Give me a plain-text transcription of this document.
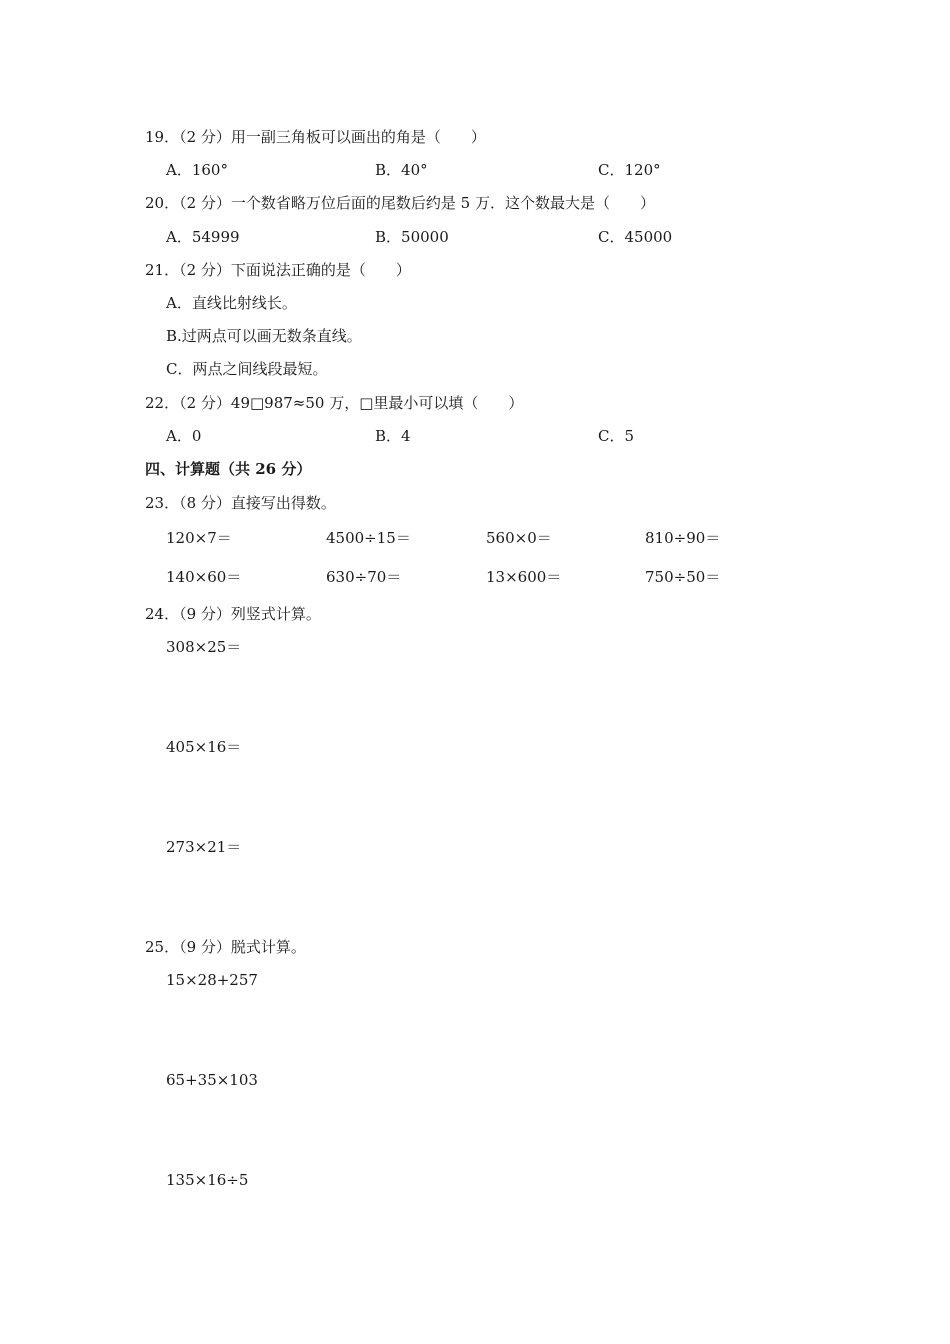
19．（2 分）用一副三角板可以画出的角是（　　）
A．160°	B．40°	C．120°
20．（2 分）一个数省略万位后面的尾数后约是 5 万．这个数最大是（　　）
A．54999	B．50000	C．45000
21．（2 分）下面说法正确的是（　　）
A．直线比射线长。
B.过两点可以画无数条直线。
C．两点之间线段最短。
22．（2 分）49□987≈50 万，□里最小可以填（　　）
A．0	B．4	C．5
四、计算题（共 26 分）
23．（8 分）直接写出得数。
120×7＝	4500÷15＝	560×0＝	810÷90＝
140×60＝	630÷70＝	13×600＝	750÷50＝
24．（9 分）列竖式计算。
308×25＝
405×16＝
273×21＝
25．（9 分）脱式计算。
15×28+257
65+35×103
135×16÷5
